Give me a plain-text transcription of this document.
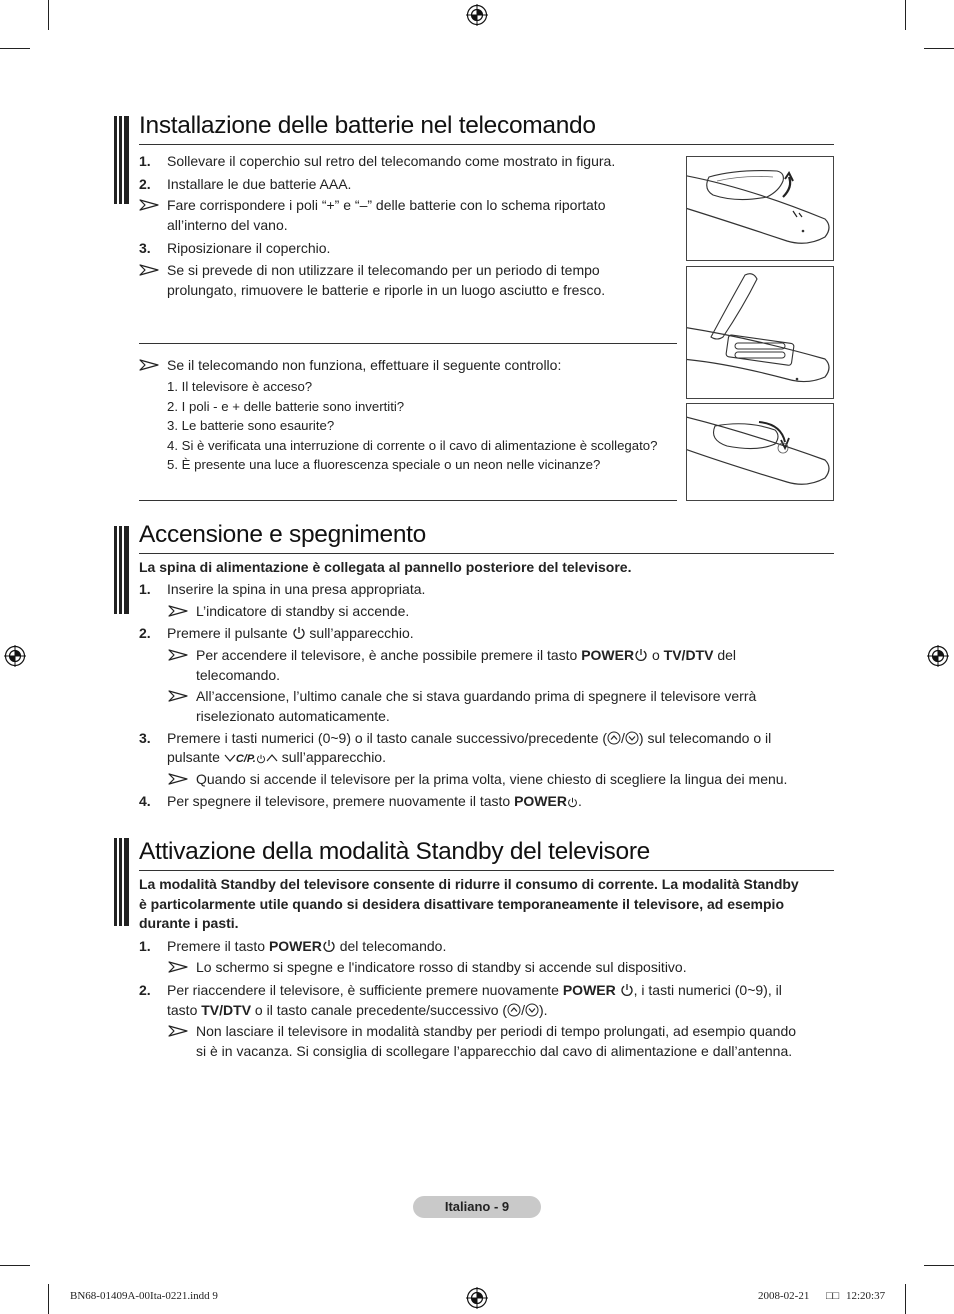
Installazione delle batterie nel telecomando
1. Sollevare il coperchio sul retro del telecomando come mostrato in figura.
2. Installare le due batterie AAA.
Fare corrispondere i poli “+” e “–” delle batterie con lo schema riportato
all’interno del vano.
3. Riposizionare il coperchio.
Se si prevede di non utilizzare il telecomando per un periodo di tempo
prolungato, rimuovere le batterie e riporle in un luogo asciutto e fresco.
Se il telecomando non funziona, effettuare il seguente controllo:
1. Il televisore è acceso?
2. I poli - e + delle batterie sono invertiti?
3. Le batterie sono esaurite?
4. Si è verificata una interruzione di corrente o il cavo di alimentazione è scollegato?
5. È presente una luce a fluorescenza speciale o un neon nelle vicinanze?
Accensione e spegnimento
La spina di alimentazione è collegata al pannello posteriore del televisore.
1. Inserire la spina in una presa appropriata.
L’indicatore di standby si accende.
2. Premere il pulsante sull’apparecchio.
Per accendere il televisore, è anche possibile premere il tasto POWER o TV/DTV del
telecomando.
All’accensione, l’ultimo canale che si stava guardando prima di spegnere il televisore verrà
riselezionato automaticamente.
3. Premere i tasti numerici (0~9) o il tasto canale successivo/precedente ( / ) sul telecomando o il
pulsante C/P. sull’apparecchio.
Quando si accende il televisore per la prima volta, viene chiesto di scegliere la lingua dei menu.
4. Per spegnere il televisore, premere nuovamente il tasto POWER .
Attivazione della modalità Standby del televisore
La modalità Standby del televisore consente di ridurre il consumo di corrente. La modalità Standby
è particolarmente utile quando si desidera disattivare temporaneamente il televisore, ad esempio
durante i pasti.
1. Premere il tasto POWER del telecomando.
Lo schermo si spegne e l'indicatore rosso di standby si accende sul dispositivo.
2. Per riaccendere il televisore, è sufficiente premere nuovamente POWER , i tasti numerici (0~9), il
tasto TV/DTV o il tasto canale precedente/successivo ( / ).
Non lasciare il televisore in modalità standby per periodi di tempo prolungati, ad esempio quando
si è in vacanza. Si consiglia di scollegare l’apparecchio dal cavo di alimentazione e dall’antenna.
Italiano - 9
BN68-01409A-00Ita-0221.indd 9	2008-02-21 □□ 12:20:37
